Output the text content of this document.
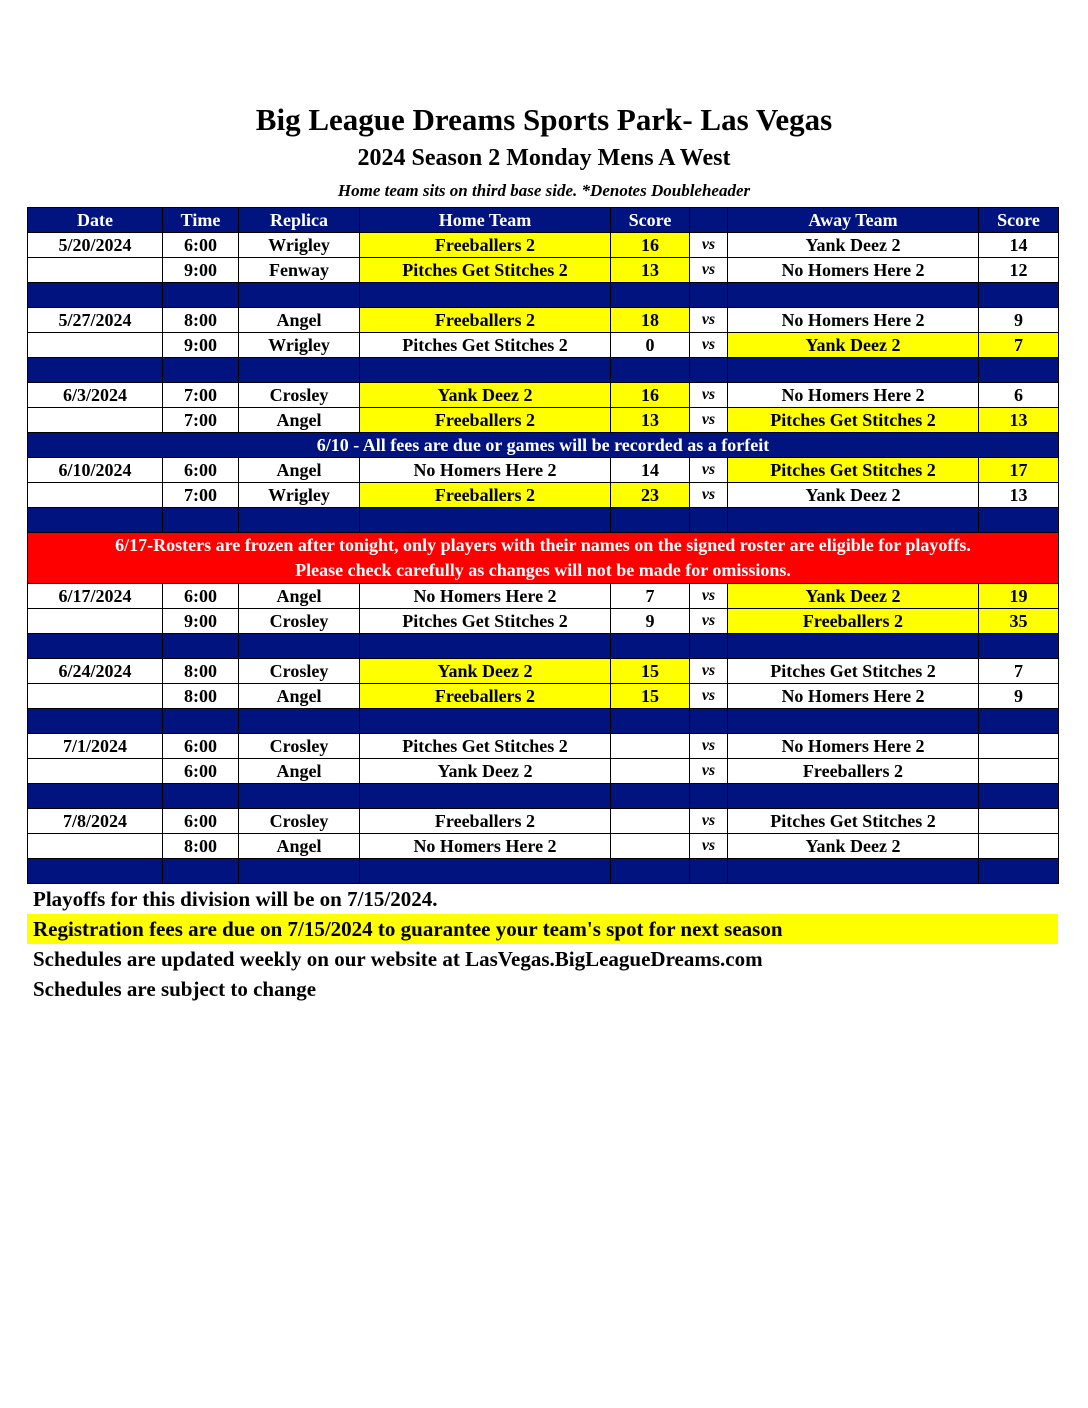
Big League Dreams Sports Park- Las Vegas
2024 Season 2 Monday Mens A West
Home team sits on third base side. *Denotes Doubleheader
Date	Time	Replica	Home Team	Score		Away Team	Score
5/20/2024	6:00	Wrigley	Freeballers 2	16	vs	Yank Deez 2	14
	9:00	Fenway	Pitches Get Stitches 2	13	vs	No Homers Here 2	12

5/27/2024	8:00	Angel	Freeballers 2	18	vs	No Homers Here 2	9
	9:00	Wrigley	Pitches Get Stitches 2	0	vs	Yank Deez 2	7

6/3/2024	7:00	Crosley	Yank Deez 2	16	vs	No Homers Here 2	6
	7:00	Angel	Freeballers 2	13	vs	Pitches Get Stitches 2	13

6/10 - All fees are due or games will be recorded as a forfeit							

6/10/2024	6:00	Angel	No Homers Here 2	14	vs	Pitches Get Stitches 2	17
	7:00	Wrigley	Freeballers 2	23	vs	Yank Deez 2	13

6/17-Rosters are frozen after tonight, only players with their names on the signed roster are eligible for playoffs.
Please check carefully as changes will not be made for omissions.							

6/17/2024	6:00	Angel	No Homers Here 2	7	vs	Yank Deez 2	19
	9:00	Crosley	Pitches Get Stitches 2	9	vs	Freeballers 2	35

6/24/2024	8:00	Crosley	Yank Deez 2	15	vs	Pitches Get Stitches 2	7
	8:00	Angel	Freeballers 2	15	vs	No Homers Here 2	9

7/1/2024	6:00	Crosley	Pitches Get Stitches 2		vs	No Homers Here 2	
	6:00	Angel	Yank Deez 2		vs	Freeballers 2	

7/8/2024	6:00	Crosley	Freeballers 2		vs	Pitches Get Stitches 2	
	8:00	Angel	No Homers Here 2		vs	Yank Deez 2	

Playoffs for this division will be on 7/15/2024.
Registration fees are due on 7/15/2024 to guarantee your team's spot for next season
Schedules are updated weekly on our website at LasVegas.BigLeagueDreams.com
Schedules are subject to change
